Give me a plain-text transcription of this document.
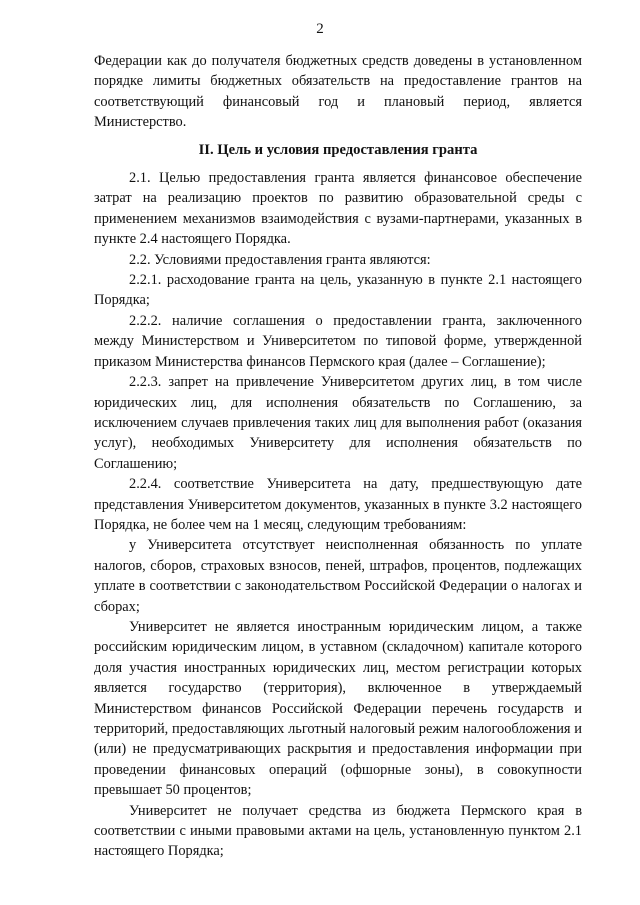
2

Федерации как до получателя бюджетных средств доведены в установленном порядке лимиты бюджетных обязательств на предоставление грантов на соответствующий финансовый год и плановый период, является Министерство.

II. Цель и условия предоставления гранта

2.1. Целью предоставления гранта является финансовое обеспечение затрат на реализацию проектов по развитию образовательной среды с применением механизмов взаимодействия с вузами-партнерами, указанных в пункте 2.4 настоящего Порядка.

2.2. Условиями предоставления гранта являются:

2.2.1. расходование гранта на цель, указанную в пункте 2.1 настоящего Порядка;

2.2.2. наличие соглашения о предоставлении гранта, заключенного между Министерством и Университетом по типовой форме, утвержденной приказом Министерства финансов Пермского края (далее – Соглашение);

2.2.3. запрет на привлечение Университетом других лиц, в том числе юридических лиц, для исполнения обязательств по Соглашению, за исключением случаев привлечения таких лиц для выполнения работ (оказания услуг), необходимых Университету для исполнения обязательств по Соглашению;

2.2.4. соответствие Университета на дату, предшествующую дате представления Университетом документов, указанных в пункте 3.2 настоящего Порядка, не более чем на 1 месяц, следующим требованиям:

у Университета отсутствует неисполненная обязанность по уплате налогов, сборов, страховых взносов, пеней, штрафов, процентов, подлежащих уплате в соответствии с законодательством Российской Федерации о налогах и сборах;

Университет не является иностранным юридическим лицом, а также российским юридическим лицом, в уставном (складочном) капитале которого доля участия иностранных юридических лиц, местом регистрации которых является государство (территория), включенное в утверждаемый Министерством финансов Российской Федерации перечень государств и территорий, предоставляющих льготный налоговый режим налогообложения и (или) не предусматривающих раскрытия и предоставления информации при проведении финансовых операций (офшорные зоны), в совокупности превышает 50 процентов;

Университет не получает средства из бюджета Пермского края в соответствии с иными правовыми актами на цель, установленную пунктом 2.1 настоящего Порядка;
